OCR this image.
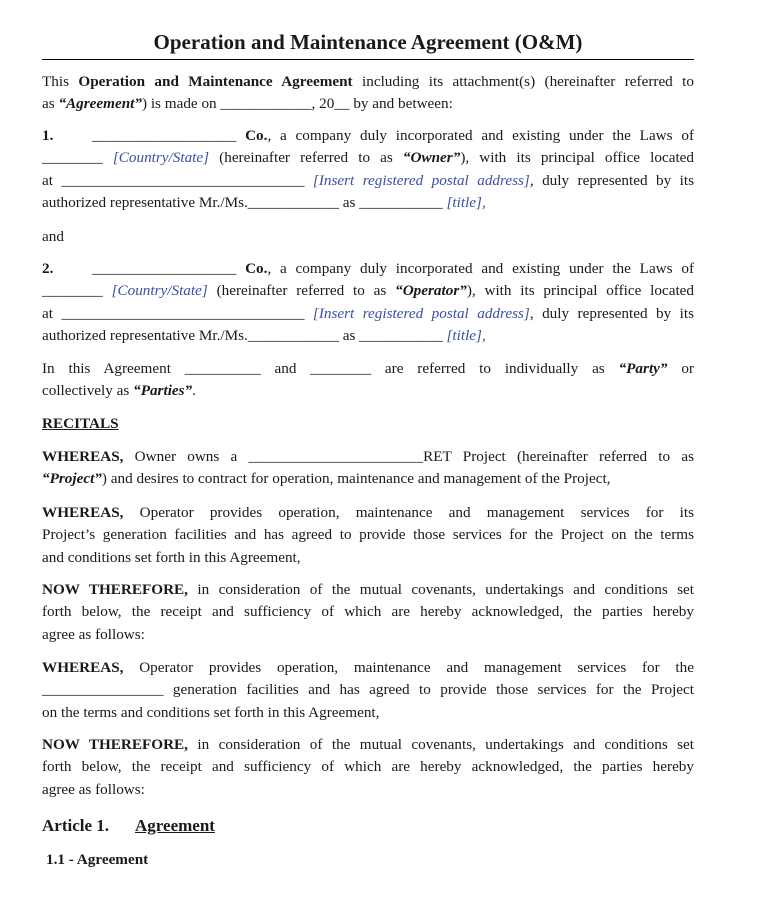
Operation and Maintenance Agreement (O&M)
This Operation and Maintenance Agreement including its attachment(s) (hereinafter referred to
as “Agreement”) is made on ____________, 20__ by and between:
1.	___________________ Co., a company duly incorporated and existing under the Laws of
________ [Country/State] (hereinafter referred to as “Owner”), with its principal office located
at ________________________________ [Insert registered postal address], duly represented by its
authorized representative Mr./Ms.____________ as ___________ [title],
and
2.	___________________ Co., a company duly incorporated and existing under the Laws of
________ [Country/State] (hereinafter referred to as “Operator”), with its principal office located
at ________________________________ [Insert registered postal address], duly represented by its
authorized representative Mr./Ms.____________ as ___________ [title],
In this Agreement __________ and ________ are referred to individually as “Party” or
collectively as “Parties”.
RECITALS
WHEREAS, Owner owns a _______________________RET Project (hereinafter referred to as
“Project”) and desires to contract for operation, maintenance and management of the Project,
WHEREAS, Operator provides operation, maintenance and management services for its
Project’s generation facilities and has agreed to provide those services for the Project on the terms
and conditions set forth in this Agreement,
NOW THEREFORE, in consideration of the mutual covenants, undertakings and conditions set
forth below, the receipt and sufficiency of which are hereby acknowledged, the parties hereby
agree as follows:
WHEREAS, Operator provides operation, maintenance and management services for the
________________ generation facilities and has agreed to provide those services for the Project
on the terms and conditions set forth in this Agreement,
NOW THEREFORE, in consideration of the mutual covenants, undertakings and conditions set
forth below, the receipt and sufficiency of which are hereby acknowledged, the parties hereby
agree as follows:
Article 1. Agreement
1.1 - Agreement
